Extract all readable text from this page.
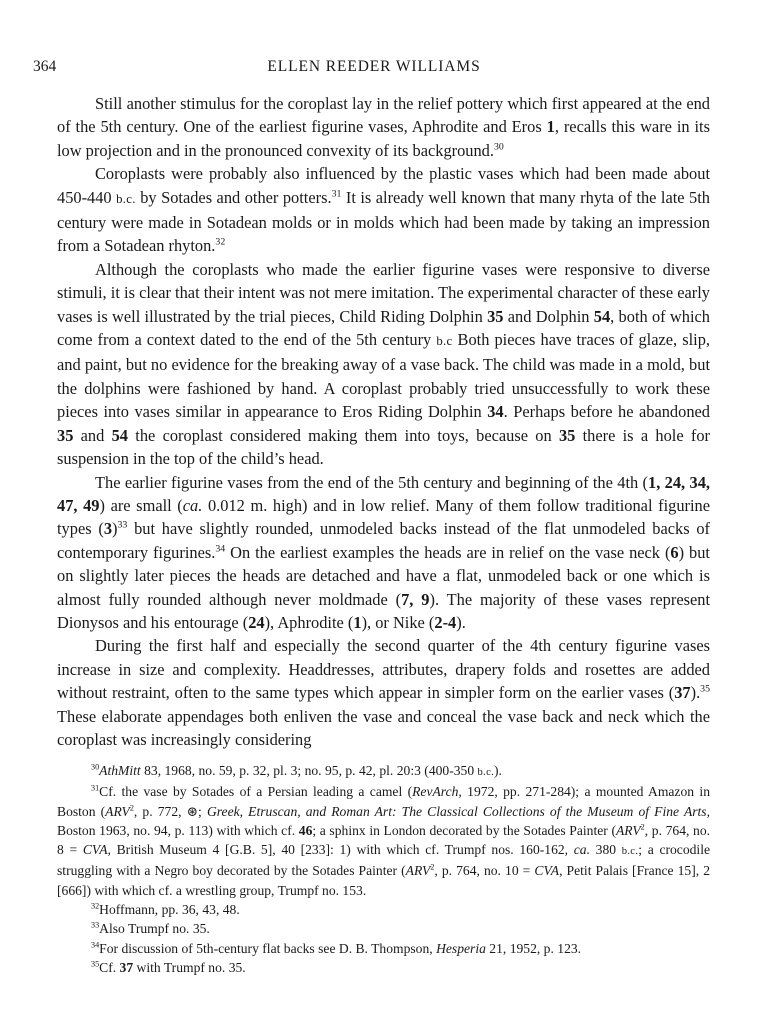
364	ELLEN REEDER WILLIAMS

Still another stimulus for the coroplast lay in the relief pottery which first appeared at the end of the 5th century. One of the earliest figurine vases, Aphrodite and Eros 1, recalls this ware in its low projection and in the pronounced convexity of its background.$^{30}$

Coroplasts were probably also influenced by the plastic vases which had been made about 450-440 b.c. by Sotades and other potters.$^{31}$ It is already well known that many rhyta of the late 5th century were made in Sotadean molds or in molds which had been made by taking an impression from a Sotadean rhyton.$^{32}$

Although the coroplasts who made the earlier figurine vases were responsive to diverse stimuli, it is clear that their intent was not mere imitation. The experimental character of these early vases is well illustrated by the trial pieces, Child Riding Dolphin 35 and Dolphin 54, both of which come from a context dated to the end of the 5th century b.c Both pieces have traces of glaze, slip, and paint, but no evidence for the breaking away of a vase back. The child was made in a mold, but the dolphins were fashioned by hand. A coroplast probably tried unsuccessfully to work these pieces into vases similar in appearance to Eros Riding Dolphin 34. Perhaps before he abandoned 35 and 54 the coroplast considered making them into toys, because on 35 there is a hole for suspension in the top of the child’s head.

The earlier figurine vases from the end of the 5th century and beginning of the 4th (1, 24, 34, 47, 49) are small (ca. 0.012 m. high) and in low relief. Many of them follow traditional figurine types $(3)^{33}$ but have slightly rounded, unmodeled backs instead of the flat unmodeled backs of contemporary figurines.$^{34}$ On the earliest examples the heads are in relief on the vase neck (6) but on slightly later pieces the heads are detached and have a flat, unmodeled back or one which is almost fully rounded although never moldmade (7, 9). The majority of these vases represent Dionysos and his entourage (24), Aphrodite (1), or Nike (2-4).

During the first half and especially the second quarter of the 4th century figurine vases increase in size and complexity. Headdresses, attributes, drapery folds and rosettes are added without restraint, often to the same types which appear in simpler form on the earlier vases (37).$^{35}$ These elaborate appendages both enliven the vase and conceal the vase back and neck which the coroplast was increasingly considering

$^{30}$AthMitt 83, 1968, no. 59, p. 32, pl. 3; no. 95, p. 42, pl. 20:3 (400-350 b.c.).

$^{31}$Cf. the vase by Sotades of a Persian leading a camel (RevArch, 1972, pp. 271-284); a mounted Amazon in Boston (ARV$^2$, p. 772, ⊛; Greek, Etruscan, and Roman Art: The Classical Collections of the Museum of Fine Arts, Boston 1963, no. 94, p. 113) with which cf. 46; a sphinx in London decorated by the Sotades Painter (ARV$^2$, p. 764, no. 8 = CVA, British Museum 4 [G.B. 5], 40 [233]: 1) with which cf. Trumpf nos. 160-162, ca. 380 b.c.; a crocodile struggling with a Negro boy decorated by the Sotades Painter (ARV$^2$, p. 764, no. 10 = CVA, Petit Palais [France 15], 2 [666]) with which cf. a wrestling group, Trumpf no. 153.

$^{32}$Hoffmann, pp. 36, 43, 48.

$^{33}$Also Trumpf no. 35.

$^{34}$For discussion of 5th-century flat backs see D. B. Thompson, Hesperia 21, 1952, p. 123.

$^{35}$Cf. 37 with Trumpf no. 35.
